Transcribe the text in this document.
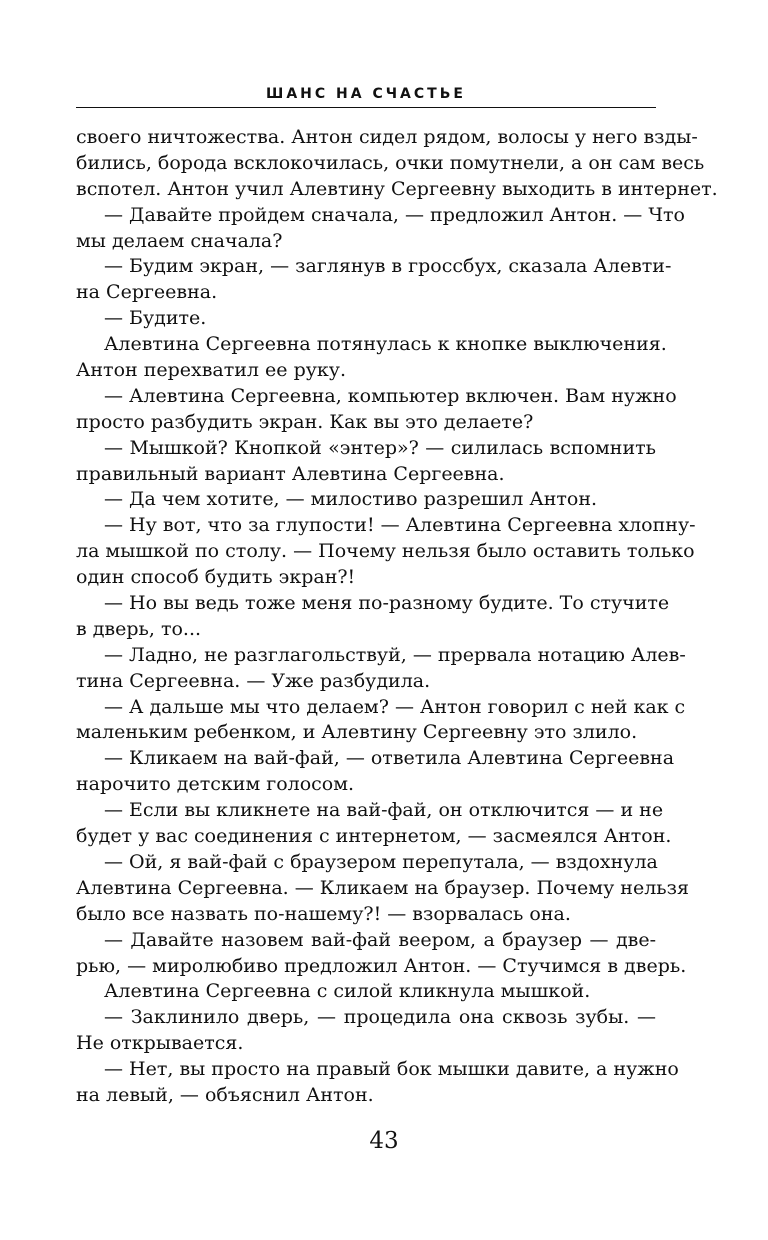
ШАНС НА СЧАСТЬЕ
своего ничтожества. Антон сидел рядом, волосы у него взды-
бились, борода всклокочилась, очки помутнели, а он сам весь
вспотел. Антон учил Алевтину Сергеевну выходить в интернет.
— Давайте пройдем сначала, — предложил Антон. — Что
мы делаем сначала?
— Будим экран, — заглянув в гроссбух, сказала Алевти-
на Сергеевна.
— Будите.
Алевтина Сергеевна потянулась к кнопке выключения.
Антон перехватил ее руку.
— Алевтина Сергеевна, компьютер включен. Вам нужно
просто разбудить экран. Как вы это делаете?
— Мышкой? Кнопкой «энтер»? — силилась вспомнить
правильный вариант Алевтина Сергеевна.
— Да чем хотите, — милостиво разрешил Антон.
— Ну вот, что за глупости! — Алевтина Сергеевна хлопну-
ла мышкой по столу. — Почему нельзя было оставить только
один способ будить экран?!
— Но вы ведь тоже меня по-разному будите. То стучите
в дверь, то...
— Ладно, не разглагольствуй, — прервала нотацию Алев-
тина Сергеевна. — Уже разбудила.
— А дальше мы что делаем? — Антон говорил с ней как с
маленьким ребенком, и Алевтину Сергеевну это злило.
— Кликаем на вай-фай, — ответила Алевтина Сергеевна
нарочито детским голосом.
— Если вы кликнете на вай-фай, он отключится — и не
будет у вас соединения с интернетом, — засмеялся Антон.
— Ой, я вай-фай с браузером перепутала, — вздохнула
Алевтина Сергеевна. — Кликаем на браузер. Почему нельзя
было все назвать по-нашему?! — взорвалась она.
— Давайте назовем вай-фай веером, а браузер — две-
рью, — миролюбиво предложил Антон. — Стучимся в дверь.
Алевтина Сергеевна с силой кликнула мышкой.
— Заклинило дверь, — процедила она сквозь зубы. —
Не открывается.
— Нет, вы просто на правый бок мышки давите, а нужно
на левый, — объяснил Антон.
43
